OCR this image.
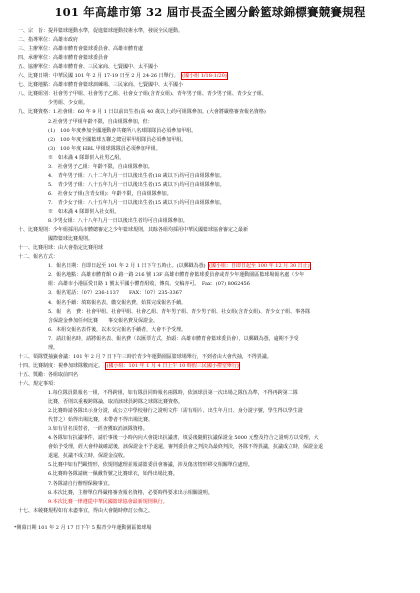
101 年高雄市第 32 屆市長盃全國分齡籃球錦標賽競賽規程
一、宗　旨：提昇籃球運動水準，促進籃球運動技術水準，發展全民運動。
二、指導單位：高雄市政府
三、主辦單位：高雄市體育會籃球委員會、高雄市體育處
四、承辦單位：高雄市體育會籃球委員會
五、協辦單位：高雄市體育會、三民家商、七賢國中、太平國小
六、比賽日期：中華民國 101 年 2 月 17-19 日至 2 月 24-26 日舉行。 (國小組 1/18-1/20)
七、比賽地點：高雄市體育會籃球訓練場、三民家商、七賢國中、太平國小
八、比賽組別：社會男子甲組、社會男子乙組、社會女子組(含青女組)、青年男子組、青少男子組、青少女子組、
少男組、少女組。
九、比賽資格：1.社會組：60 年 9 月 1 日以前出生者(高 40 歲以上)均可組隊參加。(大會將嚴格審查報名資格)
2.社會男子甲組年齡不限，自由組隊參加，但：
(1)　100 年度參加全國運動會共賽所八名球隊隊員必須參加甲組。
(2)　100 年度全國籃球五聯之總冠軍甲組隊員必須參加甲組。
(3)　100 年度 HBL 甲組球隊隊員必須參加甲組。
※　如未滿 4 隊即併入社男乙組。
3.　社會男子乙組：年齡不限，自由組隊參加。
4.　青年男子組：八十二年九月一日以後出生者(18 歲以下)均可自由組隊參加。
5.　青少男子組：八十五年九月一日以後出生者(15 歲以下)均可自由組隊參加。
6.　社會女子組(含青女組)：年齡不限，自由組隊參加。
7.　青少女子組：八十五年九月一日以後出生者(15 歲以下)均可自由組隊參加。
※　如未滿 4 隊即併入社女組。
8.少男女組：八十八年九月一日以後出生者均可自由組隊參加。
十、比賽規則：少年組採用高市體總審定之少年籃球規則，其餘各組均採用中華民國籃球協會審定之最新
國際籃球比賽規則。
十一、比賽用球：由大會指定比賽用球
十二、報名方式：
1．報名日期：自即日起至 101 年 2 月 1 日下午五時止。(以郵戳為憑) (國小組：自即日起至 100 年 12 月 30 日止)
2．報名地點：高雄市體育館 O 路一路 216 號 13F 高雄市體育會籃球委員會或青少年運動園區籃球場報名處（少年
組：高雄市小港區愛日路 1 號太平國小體育組收，傳真、交稿亦可。　Fax：(07) 8062456
3．報名電話：（07）236-1137　　FAX：（07）235-3367
4．報名手續：填寫報名表，繳交報名費，始算完成報名手續。
5．報　名　費：社會甲組、社會甲組、社會乙組、青年男子組、青少男子組、社女組(含青女組)、青少女子組、事各隊
含保證金參加任何比賽　　事交報名費及保證金。
6．本組交報名表件後，以未交完報名手續者，大會不予受理。
7．請註報名時，請將報名表、報名費（以匯票方式，抬頭：高雄市體育會籃球委員會），以郵戳為憑，逾期不予受
理。
十三、領隊暨抽籤會議：101 年 2 月 7 日下午三時於青少年運動園區籃球場舉行，不到者由大會代抽，不得異議。
十四、比賽制度：視參加球隊數而定。 (國小組：101 年 1 月 4 日上午 10 時假三民國小禮堂舉行)
十五、獎勵：各組取前四名
十六、規定事項：
1.每位隊員限報名一組，不得跨組，如有隊員同時報名兩隊時，依該球員第一次出場之隊伍為準，不得再跨第二隊
比賽，否則以重複跨隊論，取消該球員跨隊之球隊比賽資格。
2.比賽時請各隊出示身分證，或公立中學校發行之證明文件（需有相片、出生年月日、身分證字號，學生得以學生證
代替之）始得出場比賽，未帶者不得出場比賽。
3.如有冒名頂替者，一經查獲取消該隊資格。
4.各隊如有抗議事件，請於事後一小時內向大會提出抗議書，填妥後隨附抗議保證金 5000 元整及符合之證明方以受理，大
會始予受理，經大會仲裁確認後，該保證金不予退還，審判委員會之判決為最終判決，各隊不得異議，抗議成立時，保證金退
退還，抗議不成立時，保證金沒收。
5.比賽中如有鬥毆情形，依規則處理並報請籃委員會審議，涉及傷害情形移交相關單位處理。
6.比賽時各隊請統一佩戴背號之比賽球衣，始得出場比賽。
7.各隊請自行辦理保險事宜。
8.本次比賽，主辦單位得嚴格審查報名資格，必要時得要求出示相關證明。
9.本次比賽一律遵從中華民國籃球協會最新規則執行。
十七、本競賽規程如有未盡事宜，得由大會隨時修訂公佈之。
*開幕日期 101 年 2 月 17 日下午 5 點青少年運動園區籃球場
